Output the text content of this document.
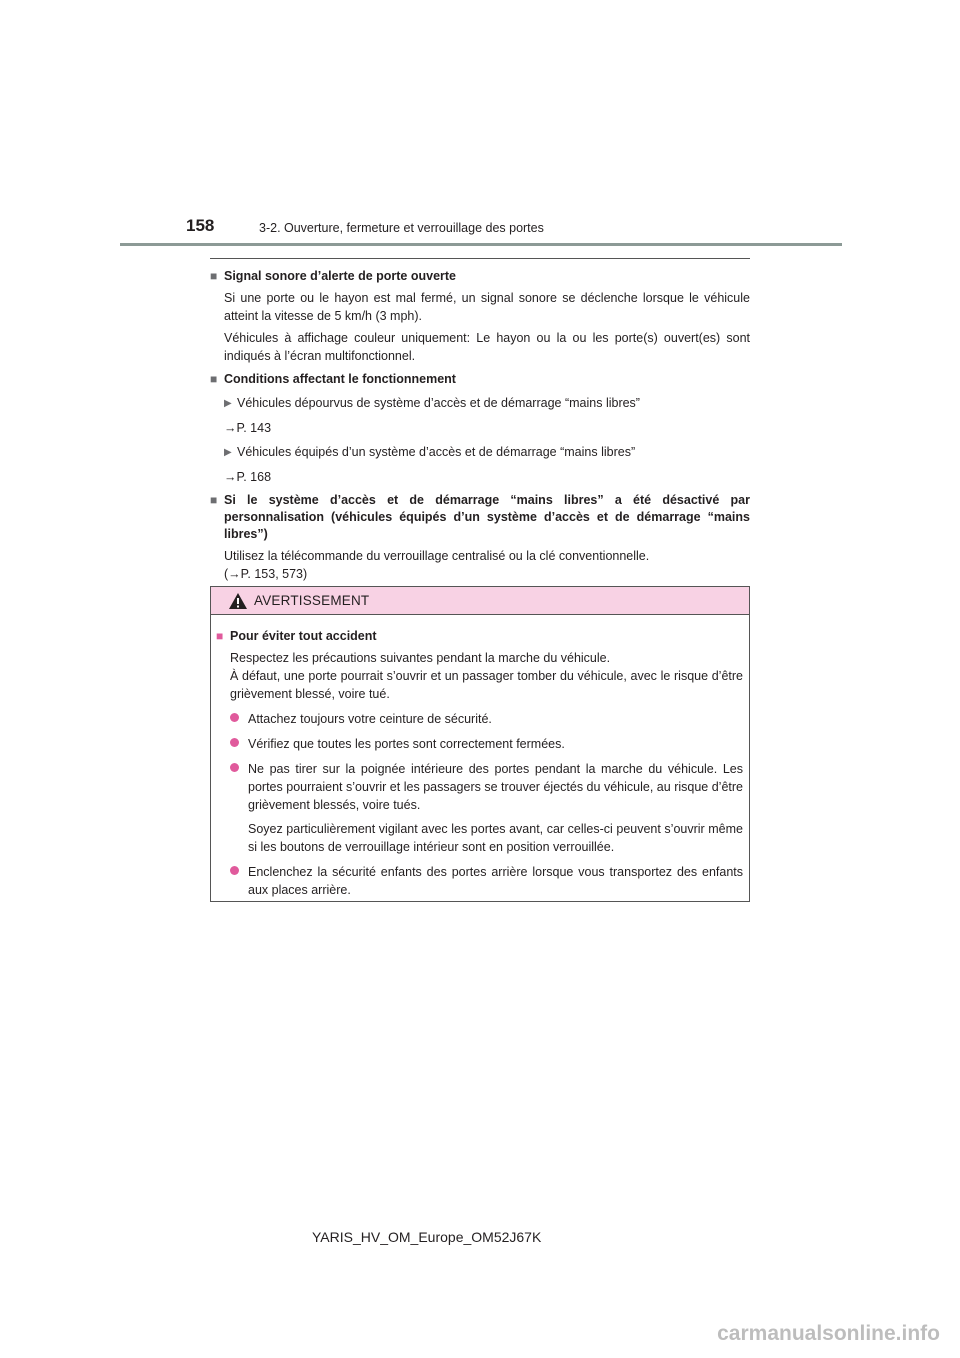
158	3-2. Ouverture, fermeture et verrouillage des portes
■ Signal sonore d’alerte de porte ouverte
Si une porte ou le hayon est mal fermé, un signal sonore se déclenche lorsque le véhicule atteint la vitesse de 5 km/h (3 mph).
Véhicules à affichage couleur uniquement: Le hayon ou la ou les porte(s) ouvert(es) sont indiqués à l’écran multifonctionnel.
■ Conditions affectant le fonctionnement
▶ Véhicules dépourvus de système d’accès et de démarrage “mains libres”
→P. 143
▶ Véhicules équipés d’un système d’accès et de démarrage “mains libres”
→P. 168
■ Si le système d’accès et de démarrage “mains libres” a été désactivé par personnalisation (véhicules équipés d’un système d’accès et de démarrage “mains libres”)
Utilisez la télécommande du verrouillage centralisé ou la clé conventionnelle.
(→P. 153, 573)
AVERTISSEMENT
■ Pour éviter tout accident
Respectez les précautions suivantes pendant la marche du véhicule.
À défaut, une porte pourrait s’ouvrir et un passager tomber du véhicule, avec le risque d’être grièvement blessé, voire tué.
Attachez toujours votre ceinture de sécurité.
Vérifiez que toutes les portes sont correctement fermées.
Ne pas tirer sur la poignée intérieure des portes pendant la marche du véhicule. Les portes pourraient s’ouvrir et les passagers se trouver éjectés du véhicule, au risque d’être grièvement blessés, voire tués.
Soyez particulièrement vigilant avec les portes avant, car celles-ci peuvent s’ouvrir même si les boutons de verrouillage intérieur sont en position verrouillée.
Enclenchez la sécurité enfants des portes arrière lorsque vous transportez des enfants aux places arrière.
YARIS_HV_OM_Europe_OM52J67K
carmanualsonline.info
